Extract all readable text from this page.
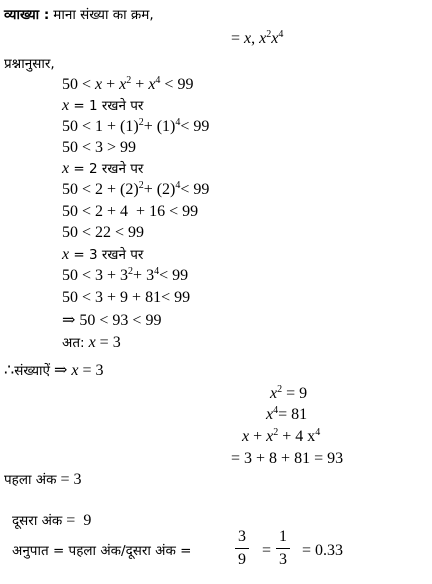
व्याख्या : माना संख्या का क्रम,
= x, $x^2x^4$
प्रश्नानुसार,
$50 < x + x^2 + x^4 < 99$
x = 1 रखने पर
$50 < 1 + (1)^2+ (1)^4< 99$
50 < 3 > 99
x = 2 रखने पर
$50 < 2 + (2)^2+ (2)^4< 99$
50 < 2 + 4  + 16 < 99
50 < 22 < 99
x = 3 रखने पर
$50 < 3 + 3^2+ 3^4< 99$
50 < 3 + 9 + 81< 99
⇒ 50 < 93 < 99
अत: x = 3
∴संख्याऐं ⇒ x = 3
$x^2 = 9$
$x^4= 81$
$x + x^2 + 4$ $x^4$
= 3 + 8 + 81 = 93
पहला अंक = 3

दूसरा अंक =  9

अनुपात = पहला अंक/दूसरा अंक =
3
9
=
1
3
= 0.33
